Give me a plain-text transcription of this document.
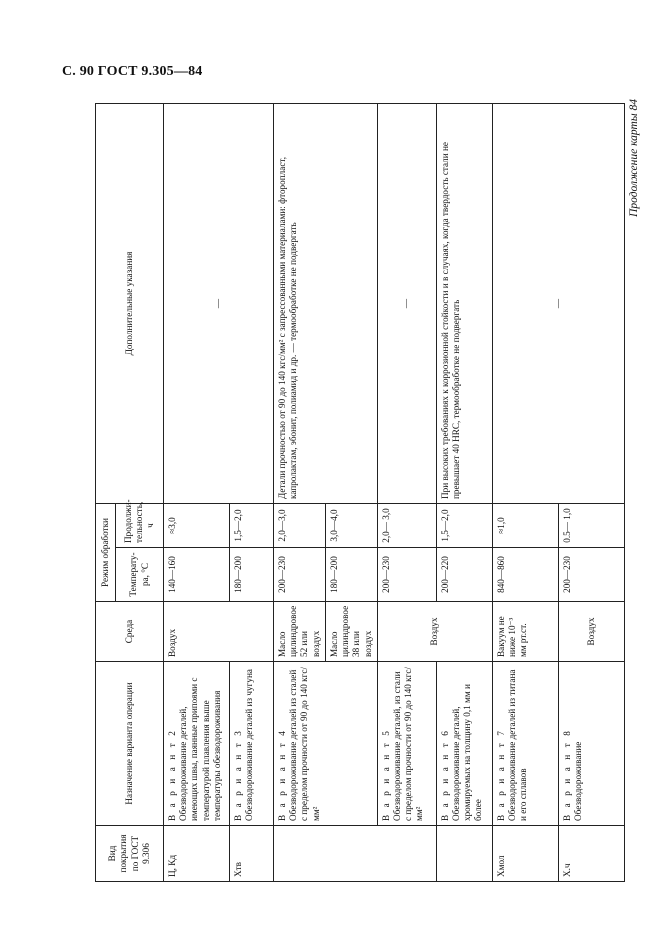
С. 90 ГОСТ 9.305—84
Продолжение карты 84
Вид покрытия по ГОСТ 9.306	Назначение варианта операции	Среда	Режим обработки		Дополнительные указания
			Температу-ра, °С	Продолжи-тельность, ч	
Ц, Кд	В а р и а н т 2 Обезводороживание деталей, имеющих швы, паянные припоями с температурой плавления выше температуры обезводороживания	Воздух	140—160	≈3,0	—
Хтв	В а р и а н т 3 Обезводороживание деталей из чугуна		180—200	1,5—2,0	

	В а р и а н т 4 Обезводороживание деталей из сталей с пределом прочности от 90 до 140 кгс/мм²	Масло цилиндровое 52 или воздух	200—230	2,0—3,0	Детали прочностью от 90 до 140 кгс/мм² с запрессованными материалами: фторопласт, капролактам, эбонит, полиамид и др. — термообработке не подвергать
		Масло цилиндровое 38 или воздух	180—200	3,0—4,0	

	В а р и а н т 5 Обезводороживание деталей, из стали с пределом прочности от 90 до 140 кгс/мм²	Воздух	200—230	2,0— 3,0	—

	В а р и а н т 6 Обезводороживание деталей, хромируемых на толщину 0,1 мм и более		200—220	1,5—2,0	При высоких требованиях к коррозионной стойкости и в случаях, когда твердость стали не превышает 40 HRC, термообработке не подвергать
Хмол	В а р и а н т 7 Обезводороживание деталей из титана и его сплавов	Вакуум не ниже 10⁻³ мм рт.ст.	840—860	≈1,0	—
Х.ч	В а р и а н т 8 Обезводороживание	Воздух	200—230	0.5— 1,0	
